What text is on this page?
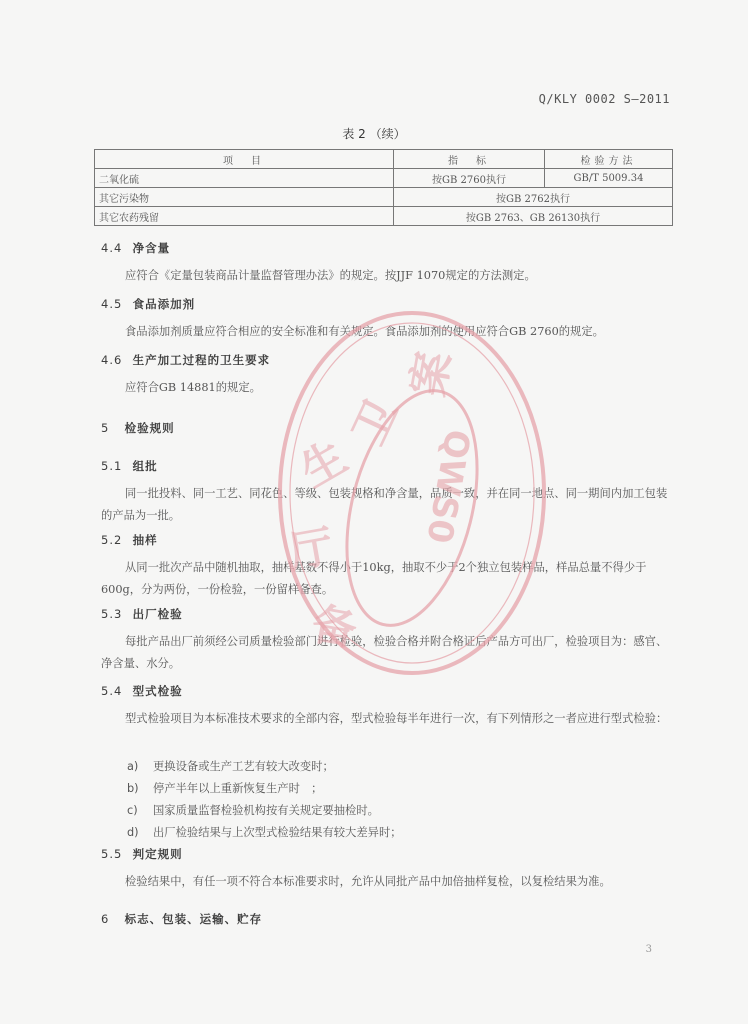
Q/KLY 0002 S—2011
表 2 （续）
项　目	指　标	检验方法
二氧化硫	按GB 2760执行	GB/T 5009.34
其它污染物	按GB 2762执行	
其它农药残留	按GB 2763、GB 26130执行	
4.4 净含量
应符合《定量包装商品计量监督管理办法》的规定。按JJF 1070规定的方法测定。
4.5 食品添加剂
食品添加剂质量应符合相应的安全标准和有关规定。食品添加剂的使用应符合GB 2760的规定。
4.6 生产加工过程的卫生要求
应符合GB 14881的规定。
5 检验规则
5.1 组批
同一批投料、同一工艺、同花色、等级、包装规格和净含量，品质一致，并在同一地点、同一期间内加工包装的产品为一批。
5.2 抽样
从同一批次产品中随机抽取，抽样基数不得小于10kg，抽取不少于2个独立包装样品，样品总量不得少于600g，分为两份，一份检验，一份留样备查。
5.3 出厂检验
每批产品出厂前须经公司质量检验部门进行检验，检验合格并附合格证后产品方可出厂，检验项目为：感官、净含量、水分。
5.4 型式检验
型式检验项目为本标准技术要求的全部内容，型式检验每半年进行一次，有下列情形之一者应进行型式检验：
a) 更换设备或生产工艺有较大改变时；
b) 停产半年以上重新恢复生产时　；
c) 国家质量监督检验机构按有关规定要抽检时。
d) 出厂检验结果与上次型式检验结果有较大差异时；
5.5 判定规则
检验结果中，有任一项不符合本标准要求时，允许从同批产品中加倍抽样复检，以复检结果为准。
6 标志、包装、运输、贮存
3
卫
生
厅
备
案
QWS0
